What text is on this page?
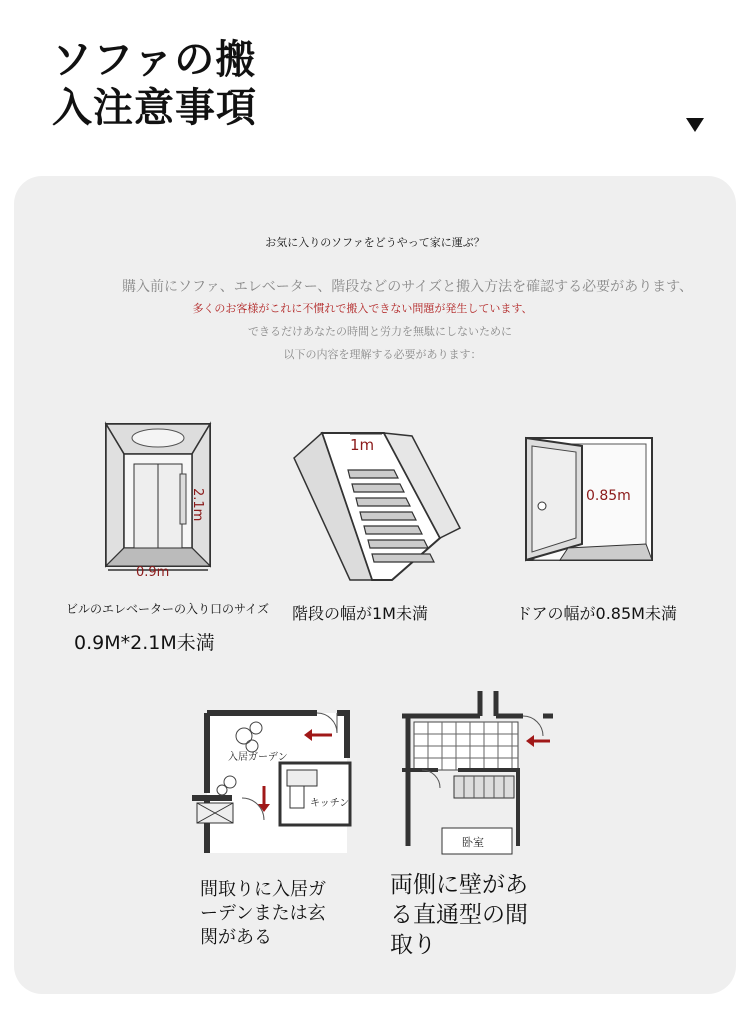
ソファの搬
入注意事項
お気に入りのソファをどうやって家に運ぶ？
購入前にソファ、エレベーター、階段などのサイズと搬入方法を確認する必要があります、
多くのお客様がこれに不慣れで搬入できない問題が発生しています、
できるだけあなたの時間と労力を無駄にしないために
以下の内容を理解する必要があります：
2.1m
0.9m
ビルのエレベーターの入り口のサイズ
0.9M*2.1M未満
1m
階段の幅が1M未満
0.85m
ドアの幅が0.85M未満
入居ガーデン
キッチン
間取りに入居ガ
ーデンまたは玄
関がある
卧室
両側に壁があ
る直通型の間
取り
